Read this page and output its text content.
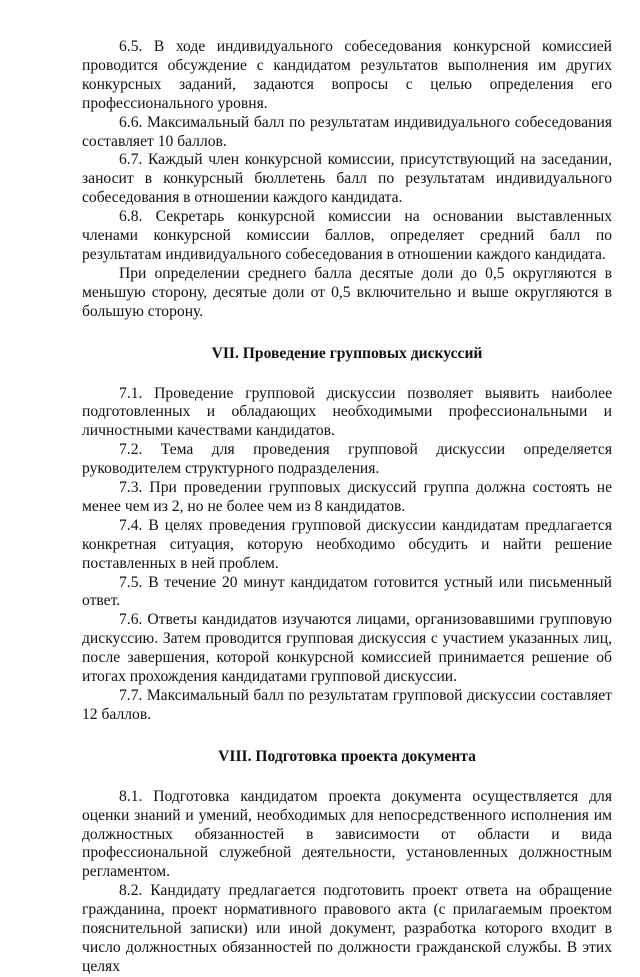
6.5. В ходе индивидуального собеседования конкурсной комиссией проводится обсуждение с кандидатом результатов выполнения им других конкурсных заданий, задаются вопросы с целью определения его профессионального уровня.

6.6. Максимальный балл по результатам индивидуального собеседования составляет 10 баллов.

6.7. Каждый член конкурсной комиссии, присутствующий на заседании, заносит в конкурсный бюллетень балл по результатам индивидуального собеседования в отношении каждого кандидата.

6.8. Секретарь конкурсной комиссии на основании выставленных членами конкурсной комиссии баллов, определяет средний балл по результатам индивидуального собеседования в отношении каждого кандидата.

При определении среднего балла десятые доли до 0,5 округляются в меньшую сторону, десятые доли от 0,5 включительно и выше округляются в большую сторону.

VII. Проведение групповых дискуссий

7.1. Проведение групповой дискуссии позволяет выявить наиболее подготовленных и обладающих необходимыми профессиональными и личностными качествами кандидатов.

7.2. Тема для проведения групповой дискуссии определяется руководителем структурного подразделения.

7.3. При проведении групповых дискуссий группа должна состоять не менее чем из 2, но не более чем из 8 кандидатов.

7.4. В целях проведения групповой дискуссии кандидатам предлагается конкретная ситуация, которую необходимо обсудить и найти решение поставленных в ней проблем.

7.5. В течение 20 минут кандидатом готовится устный или письменный ответ.

7.6. Ответы кандидатов изучаются лицами, организовавшими групповую дискуссию. Затем проводится групповая дискуссия с участием указанных лиц, после завершения, которой конкурсной комиссией принимается решение об итогах прохождения кандидатами групповой дискуссии.

7.7. Максимальный балл по результатам групповой дискуссии составляет 12 баллов.

VIII. Подготовка проекта документа

8.1. Подготовка кандидатом проекта документа осуществляется для оценки знаний и умений, необходимых для непосредственного исполнения им должностных обязанностей в зависимости от области и вида профессиональной служебной деятельности, установленных должностным регламентом.

8.2. Кандидату предлагается подготовить проект ответа на обращение гражданина, проект нормативного правового акта (с прилагаемым проектом пояснительной записки) или иной документ, разработка которого входит в число должностных обязанностей по должности гражданской службы. В этих целях
